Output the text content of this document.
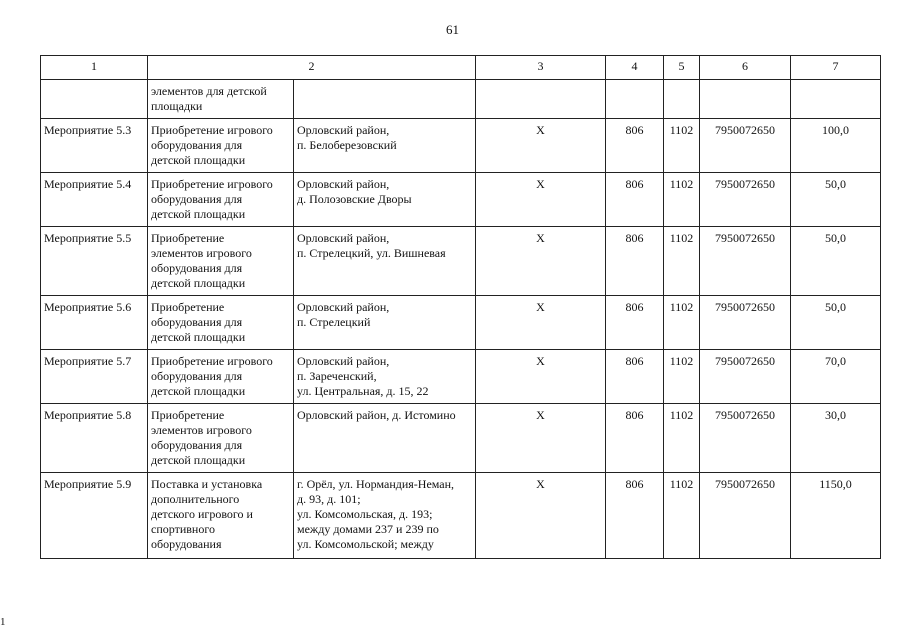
61
1	2		3	4	5	6	7
	элементов для детской
площадки						
Мероприятие 5.3	Приобретение игрового
оборудования для
детской площадки	Орловский район,
п. Белоберезовский	Х	806	1102	7950072650	100,0
Мероприятие 5.4	Приобретение игрового
оборудования для
детской площадки	Орловский район,
д. Полозовские Дворы	Х	806	1102	7950072650	50,0
Мероприятие 5.5	Приобретение
элементов игрового
оборудования для
детской площадки	Орловский район,
п. Стрелецкий, ул. Вишневая	Х	806	1102	7950072650	50,0
Мероприятие 5.6	Приобретение
оборудования для
детской площадки	Орловский район,
п. Стрелецкий	Х	806	1102	7950072650	50,0
Мероприятие 5.7	Приобретение игрового
оборудования для
детской площадки	Орловский район,
п. Зареченский,
ул. Центральная, д. 15, 22	Х	806	1102	7950072650	70,0
Мероприятие 5.8	Приобретение
элементов игрового
оборудования для
детской площадки	Орловский район, д. Истомино	Х	806	1102	7950072650	30,0
Мероприятие 5.9	Поставка и установка
дополнительного
детского игрового и
спортивного
оборудования	г. Орёл, ул. Нормандия-Неман,
д. 93, д. 101;
ул. Комсомольская, д. 193;
между домами 237 и 239 по
ул. Комсомольской; между	Х	806	1102	7950072650	1150,0
1
